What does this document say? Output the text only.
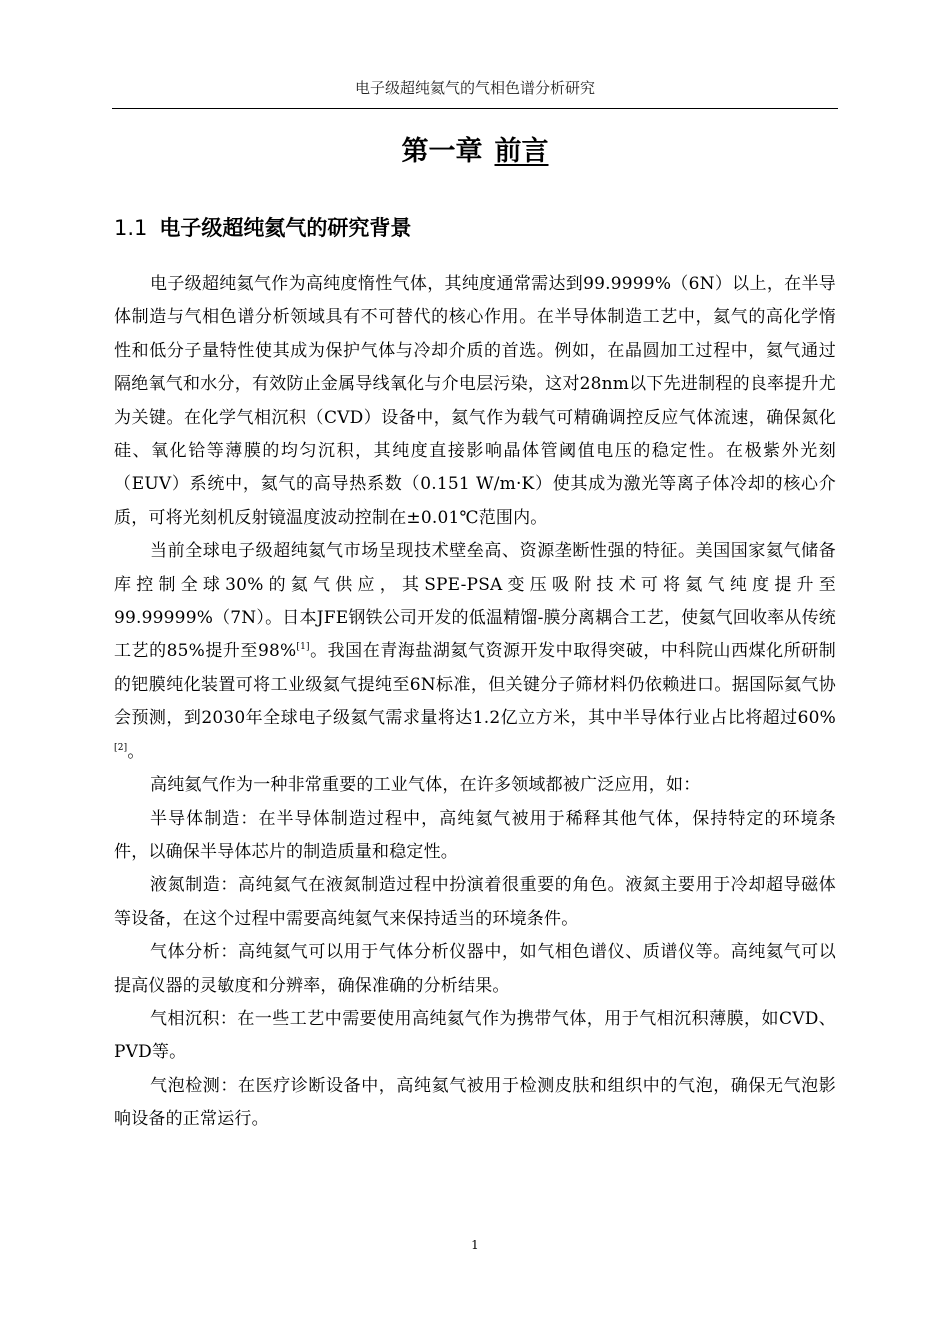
电子级超纯氦气的气相色谱分析研究
第一章 前言
1.1 电子级超纯氦气的研究背景

电子级超纯氦气作为高纯度惰性气体，其纯度通常需达到99.9999%（6N）以上，在半导体制造与气相色谱分析领域具有不可替代的核心作用。在半导体制造工艺中，氦气的高化学惰性和低分子量特性使其成为保护气体与冷却介质的首选。例如，在晶圆加工过程中，氦气通过隔绝氧气和水分，有效防止金属导线氧化与介电层污染，这对28nm以下先进制程的良率提升尤为关键。在化学气相沉积（CVD）设备中，氦气作为载气可精确调控反应气体流速，确保氮化硅、氧化铪等薄膜的均匀沉积，其纯度直接影响晶体管阈值电压的稳定性。在极紫外光刻（EUV）系统中，氦气的高导热系数（0.151 W/m·K）使其成为激光等离子体冷却的核心介质，可将光刻机反射镜温度波动控制在±0.01℃范围内。

当前全球电子级超纯氦气市场呈现技术壁垒高、资源垄断性强的特征。美国国家氦气储备库控制全球30%的氦气供应，其SPE-PSA变压吸附技术可将氦气纯度提升至99.99999%（7N）。日本JFE钢铁公司开发的低温精馏-膜分离耦合工艺，使氦气回收率从传统工艺的85%提升至98%[1]。我国在青海盐湖氦气资源开发中取得突破，中科院山西煤化所研制的钯膜纯化装置可将工业级氦气提纯至6N标准，但关键分子筛材料仍依赖进口。据国际氦气协会预测，到2030年全球电子级氦气需求量将达1.2亿立方米，其中半导体行业占比将超过60%[2]。

高纯氦气作为一种非常重要的工业气体，在许多领域都被广泛应用，如：

半导体制造：在半导体制造过程中，高纯氦气被用于稀释其他气体，保持特定的环境条件，以确保半导体芯片的制造质量和稳定性。

液氮制造：高纯氦气在液氮制造过程中扮演着很重要的角色。液氮主要用于冷却超导磁体等设备，在这个过程中需要高纯氦气来保持适当的环境条件。

气体分析：高纯氦气可以用于气体分析仪器中，如气相色谱仪、质谱仪等。高纯氦气可以提高仪器的灵敏度和分辨率，确保准确的分析结果。

气相沉积：在一些工艺中需要使用高纯氦气作为携带气体，用于气相沉积薄膜，如CVD、PVD等。

气泡检测：在医疗诊断设备中，高纯氦气被用于检测皮肤和组织中的气泡，确保无气泡影响设备的正常运行。

1
